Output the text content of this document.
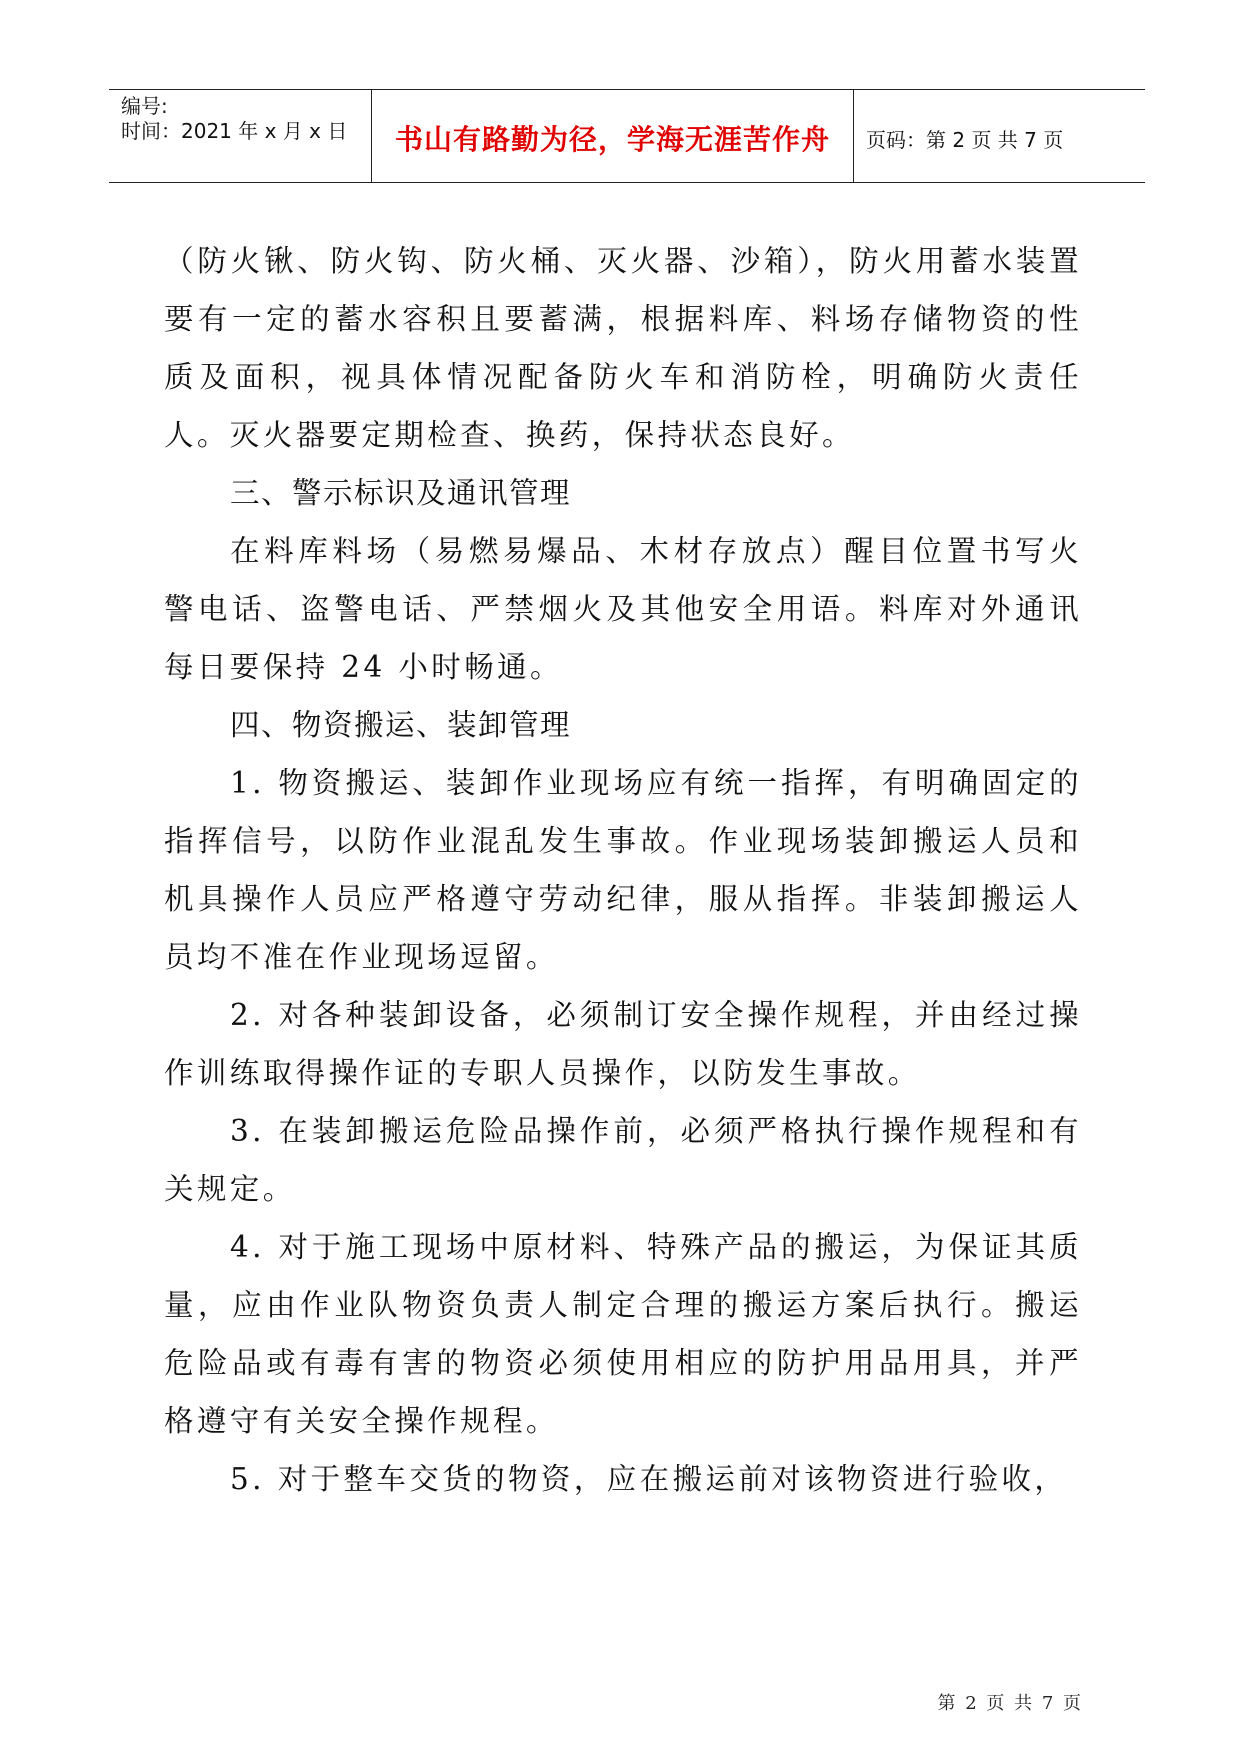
编号:
时间：2021 年 x 月 x 日	书山有路勤为径，学海无涯苦作舟	页码：第 2 页 共 7 页

（防火锹、防火钩、防火桶、灭火器、沙箱），防火用蓄水装置要有一定的蓄水容积且要蓄满，根据料库、料场存储物资的性质及面积，视具体情况配备防火车和消防栓，明确防火责任人。灭火器要定期检查、换药，保持状态良好。

三、警示标识及通讯管理

在料库料场（易燃易爆品、木材存放点）醒目位置书写火警电话、盗警电话、严禁烟火及其他安全用语。料库对外通讯每日要保持 24 小时畅通。

四、物资搬运、装卸管理

1. 物资搬运、装卸作业现场应有统一指挥，有明确固定的指挥信号，以防作业混乱发生事故。作业现场装卸搬运人员和机具操作人员应严格遵守劳动纪律，服从指挥。非装卸搬运人员均不准在作业现场逗留。

2. 对各种装卸设备，必须制订安全操作规程，并由经过操作训练取得操作证的专职人员操作，以防发生事故。

3. 在装卸搬运危险品操作前，必须严格执行操作规程和有关规定。

4. 对于施工现场中原材料、特殊产品的搬运，为保证其质量，应由作业队物资负责人制定合理的搬运方案后执行。搬运危险品或有毒有害的物资必须使用相应的防护用品用具，并严格遵守有关安全操作规程。

5. 对于整车交货的物资，应在搬运前对该物资进行验收，

第 2 页 共 7 页
